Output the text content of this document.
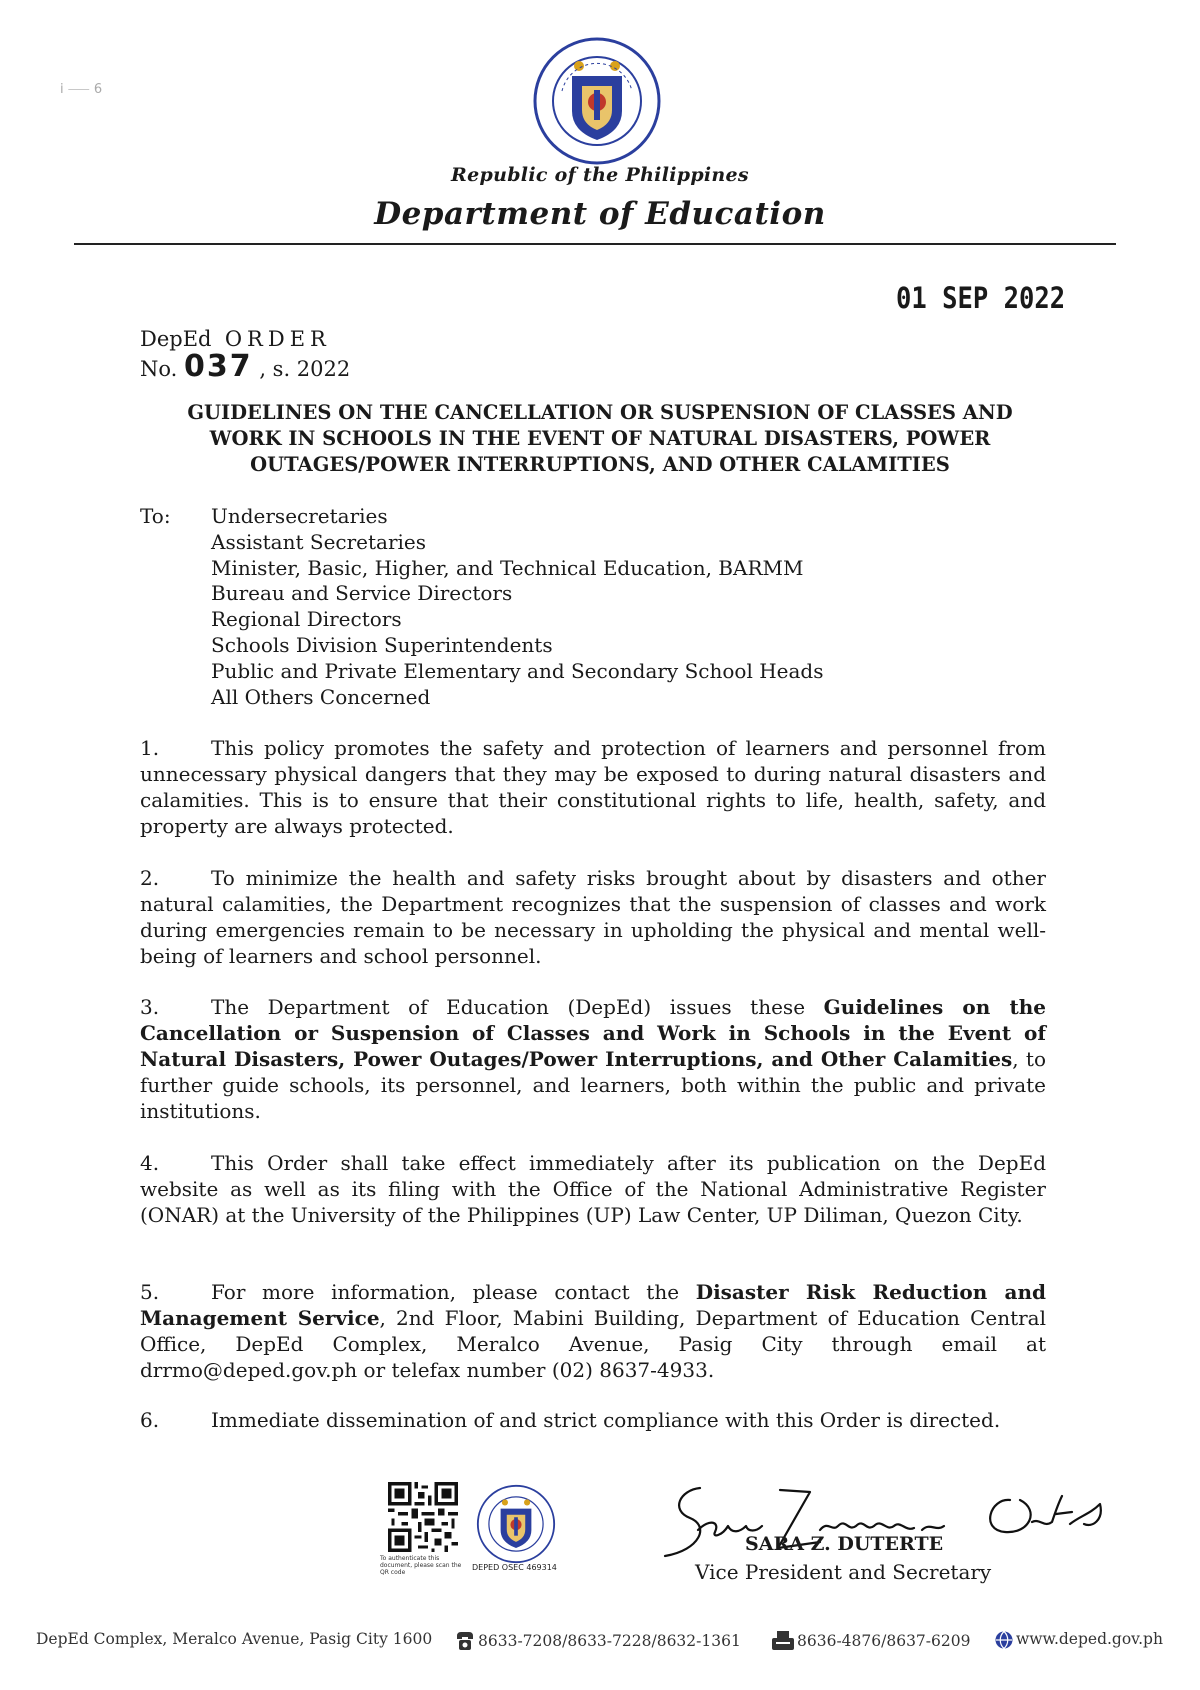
ⅰ ⸺ 6
Republic of the Philippines
Department of Education
01 SEP 2022
DepEd ORDER
No. 037 , s. 2022
GUIDELINES ON THE CANCELLATION OR SUSPENSION OF CLASSES AND
WORK IN SCHOOLS IN THE EVENT OF NATURAL DISASTERS, POWER
OUTAGES/POWER INTERRUPTIONS, AND OTHER CALAMITIES
To: Undersecretaries
Assistant Secretaries
Minister, Basic, Higher, and Technical Education, BARMM
Bureau and Service Directors
Regional Directors
Schools Division Superintendents
Public and Private Elementary and Secondary School Heads
All Others Concerned

1.	This policy promotes the safety and protection of learners and personnel from unnecessary physical dangers that they may be exposed to during natural disasters and calamities. This is to ensure that their constitutional rights to life, health, safety, and property are always protected.

2.	To minimize the health and safety risks brought about by disasters and other natural calamities, the Department recognizes that the suspension of classes and work during emergencies remain to be necessary in upholding the physical and mental well-being of learners and school personnel.

3.	The Department of Education (DepEd) issues these Guidelines on the Cancellation or Suspension of Classes and Work in Schools in the Event of Natural Disasters, Power Outages/Power Interruptions, and Other Calamities, to further guide schools, its personnel, and learners, both within the public and private institutions.

4.	This Order shall take effect immediately after its publication on the DepEd website as well as its filing with the Office of the National Administrative Register (ONAR) at the University of the Philippines (UP) Law Center, UP Diliman, Quezon City.

5.	For more information, please contact the Disaster Risk Reduction and Management Service, 2nd Floor, Mabini Building, Department of Education Central Office, DepEd Complex, Meralco Avenue, Pasig City through email at drrmo@deped.gov.ph or telefax number (02) 8637-4933.

6.	Immediate dissemination of and strict compliance with this Order is directed.

To authenticate this document, please scan the QR code
DEPED OSEC 469314
SARA Z. DUTERTE
Vice President and Secretary
DepEd Complex, Meralco Avenue, Pasig City 1600	8633-7208/8633-7228/8632-1361	8636-4876/8637-6209	www.deped.gov.ph
